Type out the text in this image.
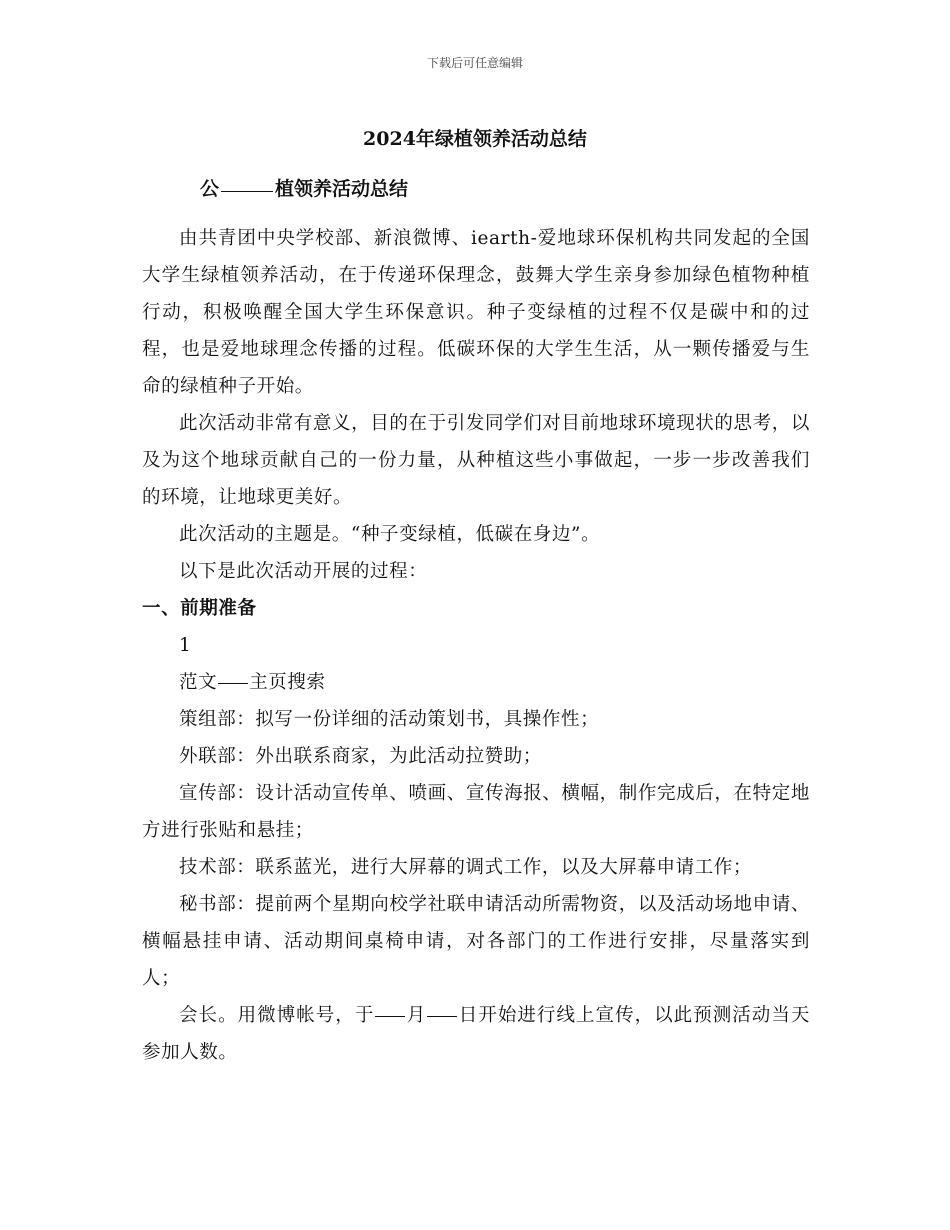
下载后可任意编辑
2024年绿植领养活动总结
公	植领养活动总结

由共青团中央学校部、新浪微博、iearth-爱地球环保机构共同发起的全国大学生绿植领养活动，在于传递环保理念，鼓舞大学生亲身参加绿色植物种植行动，积极唤醒全国大学生环保意识。种子变绿植的过程不仅是碳中和的过程，也是爱地球理念传播的过程。低碳环保的大学生生活，从一颗传播爱与生命的绿植种子开始。

此次活动非常有意义，目的在于引发同学们对目前地球环境现状的思考，以及为这个地球贡献自己的一份力量，从种植这些小事做起，一步一步改善我们的环境，让地球更美好。

此次活动的主题是。“种子变绿植，低碳在身边”。

以下是此次活动开展的过程：

一、前期准备

1

范文 主页搜索

策组部：拟写一份详细的活动策划书，具操作性；

外联部：外出联系商家，为此活动拉赞助；

宣传部：设计活动宣传单、喷画、宣传海报、横幅，制作完成后，在特定地方进行张贴和悬挂；

技术部：联系蓝光，进行大屏幕的调式工作，以及大屏幕申请工作；

秘书部：提前两个星期向校学社联申请活动所需物资，以及活动场地申请、横幅悬挂申请、活动期间桌椅申请，对各部门的工作进行安排，尽量落实到人；

会长。用微博帐号，于 月 日开始进行线上宣传，以此预测活动当天参加人数。
